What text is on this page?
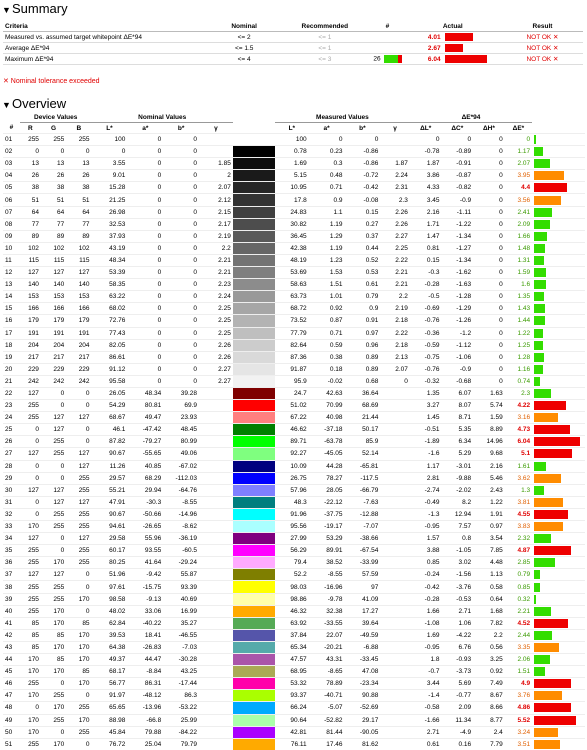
▼Summary
Criteria	Nominal	Recommended	#	Actual		Result
Measured vs. assumed target whitepoint ΔE*94	<= 2	<= 1		4.01		NOT OK ✕
Average ΔE*94	<= 1.5	<= 1		2.67		NOT OK ✕
Maximum ΔE*94	<= 4	<= 3	26	6.04		NOT OK ✕
✕ Nominal tolerance exceeded
▼Overview
	Device Values			Nominal Values					Measured Values				ΔE*94				
#	R	G	B	L*	a*	b*	γ		L*	a*	b*	γ	ΔL*	ΔC*	ΔH*	ΔE*	
01	255	255	255	100	0	0			100	0	0		0	0	0	0	
02	0	0	0	0	0	0			0.78	0.23	-0.86		-0.78	-0.89	0	1.17	
03	13	13	13	3.55	0	0	1.85		1.69	0.3	-0.86	1.87	1.87	-0.91	0	2.07	
04	26	26	26	9.01	0	0	2		5.15	0.48	-0.72	2.24	3.86	-0.87	0	3.95	
05	38	38	38	15.28	0	0	2.07		10.95	0.71	-0.42	2.31	4.33	-0.82	0	4.4	
06	51	51	51	21.25	0	0	2.12		17.8	0.9	-0.08	2.3	3.45	-0.9	0	3.56	
07	64	64	64	26.98	0	0	2.15		24.83	1.1	0.15	2.26	2.16	-1.11	0	2.41	
08	77	77	77	32.53	0	0	2.17		30.82	1.19	0.27	2.26	1.71	-1.22	0	2.09	
09	89	89	89	37.93	0	0	2.19		36.45	1.29	0.37	2.27	1.47	-1.34	0	1.66	
10	102	102	102	43.19	0	0	2.2		42.38	1.19	0.44	2.25	0.81	-1.27	0	1.48	
11	115	115	115	48.34	0	0	2.21		48.19	1.23	0.52	2.22	0.15	-1.34	0	1.31	
12	127	127	127	53.39	0	0	2.21		53.69	1.53	0.53	2.21	-0.3	-1.62	0	1.59	
13	140	140	140	58.35	0	0	2.23		58.63	1.51	0.61	2.21	-0.28	-1.63	0	1.6	
14	153	153	153	63.22	0	0	2.24		63.73	1.01	0.79	2.2	-0.5	-1.28	0	1.35	
15	166	166	166	68.02	0	0	2.25		68.72	0.92	0.9	2.19	-0.69	-1.29	0	1.43	
16	179	179	179	72.76	0	0	2.25		73.52	0.87	0.91	2.18	-0.76	-1.26	0	1.44	
17	191	191	191	77.43	0	0	2.25		77.79	0.71	0.97	2.22	-0.36	-1.2	0	1.22	
18	204	204	204	82.05	0	0	2.26		82.64	0.59	0.96	2.18	-0.59	-1.12	0	1.25	
19	217	217	217	86.61	0	0	2.26		87.36	0.38	0.89	2.13	-0.75	-1.06	0	1.28	
20	229	229	229	91.12	0	0	2.27		91.87	0.18	0.89	2.07	-0.76	-0.9	0	1.16	
21	242	242	242	95.58	0	0	2.27		95.9	-0.02	0.68	0	-0.32	-0.68	0	0.74	
22	127	0	0	26.05	48.34	39.28			24.7	42.63	36.64		1.35	6.07	1.63	2.3	
23	255	0	0	54.29	80.81	69.9			51.02	70.99	68.69		3.27	8.07	5.74	4.22	
24	255	127	127	68.67	49.47	23.93			67.22	40.98	21.44		1.45	8.71	1.59	3.16	
25	0	127	0	46.1	-47.42	48.45			46.62	-37.18	50.17		-0.51	5.35	8.89	4.73	
26	0	255	0	87.82	-79.27	80.99			89.71	-63.78	85.9		-1.89	6.34	14.96	6.04	
27	127	255	127	90.67	-55.65	49.06			92.27	-45.05	52.14		-1.6	5.29	9.68	5.1	
28	0	0	127	11.26	40.85	-67.02			10.09	44.28	-65.81		1.17	-3.01	2.16	1.61	
29	0	0	255	29.57	68.29	-112.03			26.75	78.27	-117.5		2.81	-9.88	5.46	3.62	
30	127	127	255	55.21	29.94	-64.76			57.96	28.05	-66.79		-2.74	-2.02	2.43	1.3	
31	0	127	127	47.91	-30.3	-8.55			48.3	-22.12	-7.63		-0.49	8.2	1.22	3.81	
32	0	255	255	90.67	-50.66	-14.96			91.96	-37.75	-12.88		-1.3	12.94	1.91	4.55	
33	170	255	255	94.61	-26.65	-8.62			95.56	-19.17	-7.07		-0.95	7.57	0.97	3.83	
34	127	0	127	29.58	55.96	-36.19			27.99	53.29	-38.66		1.57	0.8	3.54	2.32	
35	255	0	255	60.17	93.55	-60.5			56.29	89.91	-67.54		3.88	-1.05	7.85	4.87	
36	255	170	255	80.25	41.64	-29.24			79.4	38.52	-33.99		0.85	3.02	4.48	2.85	
37	127	127	0	51.96	-9.42	55.87			52.2	-8.55	57.59		-0.24	-1.56	1.13	0.79	
38	255	255	0	97.61	-15.75	93.39			98.03	-16.96	97		-0.42	-3.76	0.58	0.85	
39	255	255	170	98.58	-9.13	40.69			98.86	-9.78	41.09		-0.28	-0.53	0.64	0.32	
40	255	170	0	48.02	33.06	16.99			46.32	32.38	17.27		1.66	2.71	1.68	2.21	
41	85	170	85	62.84	-40.22	35.27			63.92	-33.55	39.64		-1.08	1.06	7.82	4.52	
42	85	85	170	39.53	18.41	-46.55			37.84	22.07	-49.59		1.69	-4.22	2.2	2.44	
43	85	170	170	64.38	-26.83	-7.03			65.34	-20.21	-6.88		-0.95	6.76	0.56	3.35	
44	170	85	170	49.37	44.47	-30.28			47.57	43.31	-33.45		1.8	-0.93	3.25	2.06	
45	170	170	85	68.17	-8.84	43.25			68.95	-8.65	47.08		-0.7	-3.73	0.92	1.51	
46	255	0	170	56.77	86.31	-17.44			53.32	78.89	-23.34		3.44	5.69	7.49	4.9	
47	170	255	0	91.97	-48.12	86.3			93.37	-40.71	90.88		-1.4	-0.77	8.67	3.76	
48	0	170	255	65.65	-13.96	-53.22			66.24	-5.07	-52.69		-0.58	2.09	8.66	4.86	
49	170	255	170	88.98	-66.8	25.99			90.64	-52.82	29.17		-1.66	11.34	8.77	5.52	
50	170	0	255	45.84	79.88	-84.22			42.81	81.44	-90.05		2.71	-4.9	2.4	3.24	
51	255	170	0	76.72	25.04	79.79			76.11	17.46	81.62		0.61	0.16	7.79	3.51	
